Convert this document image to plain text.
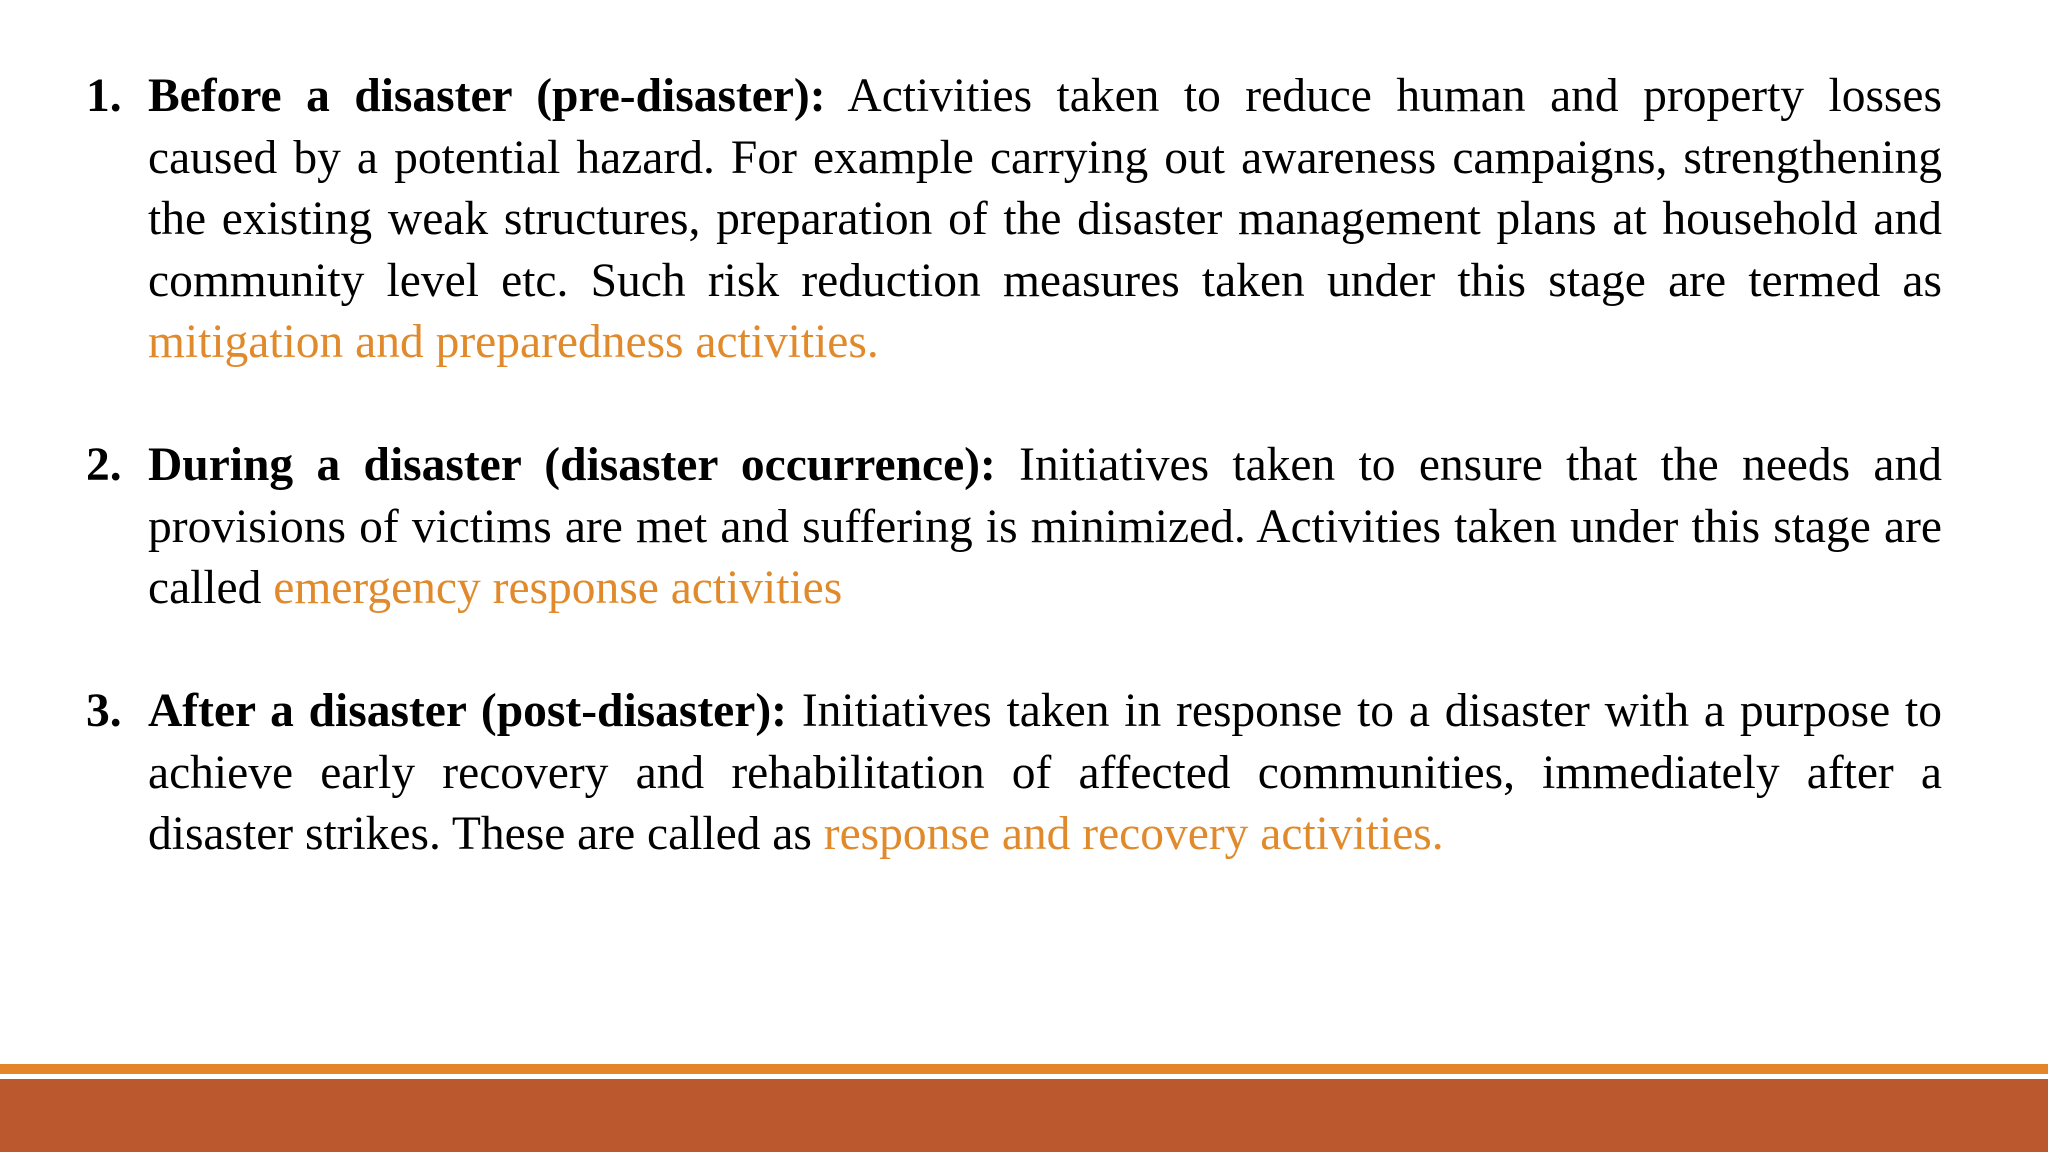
1. Before a disaster (pre-disaster): Activities taken to reduce human and property losses caused by a potential hazard. For example carrying out awareness campaigns, strengthening the existing weak structures, preparation of the disaster management plans at household and community level etc. Such risk reduction measures taken under this stage are termed as mitigation and preparedness activities.
2. During a disaster (disaster occurrence): Initiatives taken to ensure that the needs and provisions of victims are met and suffering is minimized. Activities taken under this stage are called emergency response activities
3. After a disaster (post-disaster): Initiatives taken in response to a disaster with a purpose to achieve early recovery and rehabilitation of affected communities, immediately after a disaster strikes. These are called as response and recovery activities.
